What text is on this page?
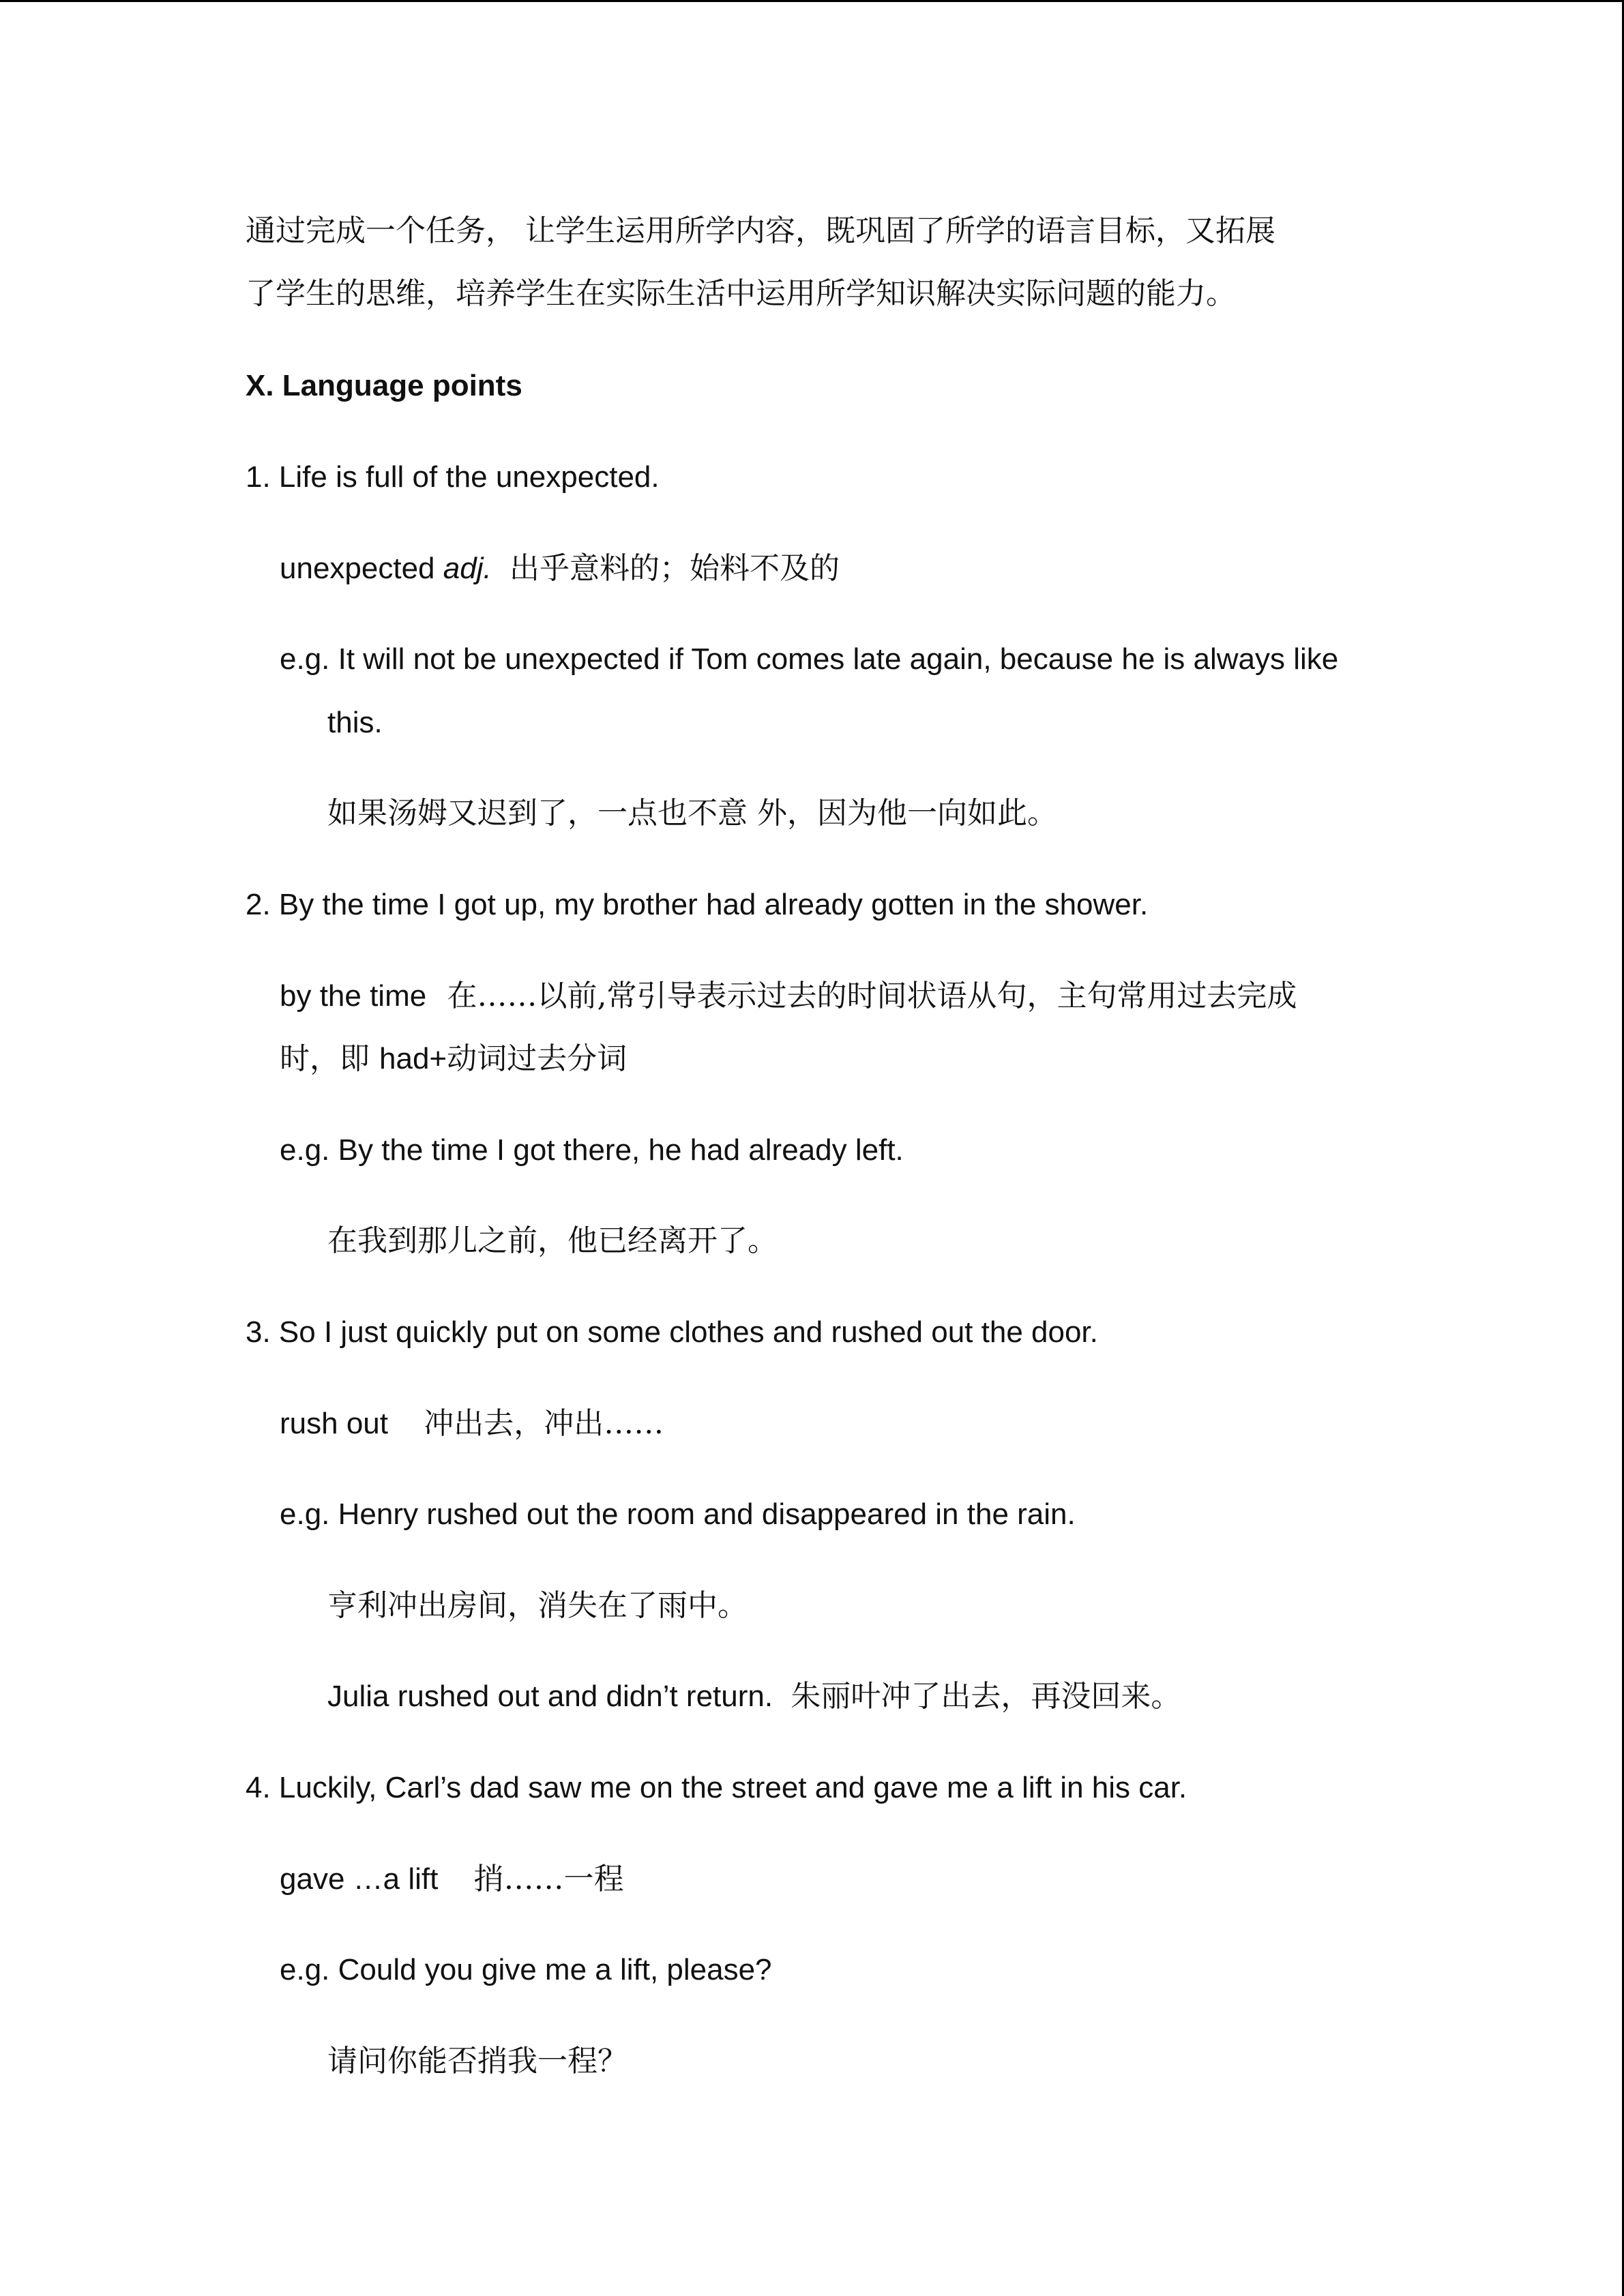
通过完成一个任务， 让学生运用所学内容，既巩固了所学的语言目标，又拓展
了学生的思维，培养学生在实际生活中运用所学知识解决实际问题的能力。
X. Language points
1. Life is full of the unexpected.
unexpected adj. 出乎意料的；始料不及的
e.g. It will not be unexpected if Tom comes late again, because he is always like
this.
如果汤姆又迟到了，一点也不意 外，因为他一向如此。
2. By the time I got up, my brother had already gotten in the shower.
by the time 在……以前,常引导表示过去的时间状语从句，主句常用过去完成
时，即 had+动词过去分词
e.g. By the time I got there, he had already left.
在我到那儿之前，他已经离开了。
3. So I just quickly put on some clothes and rushed out the door.
rush out 冲出去，冲出……
e.g. Henry rushed out the room and disappeared in the rain.
亨利冲出房间，消失在了雨中。
Julia rushed out and didn’t return. 朱丽叶冲了出去，再没回来。
4. Luckily, Carl’s dad saw me on the street and gave me a lift in his car.
gave …a lift 捎……一程
e.g. Could you give me a lift, please?
请问你能否捎我一程？
